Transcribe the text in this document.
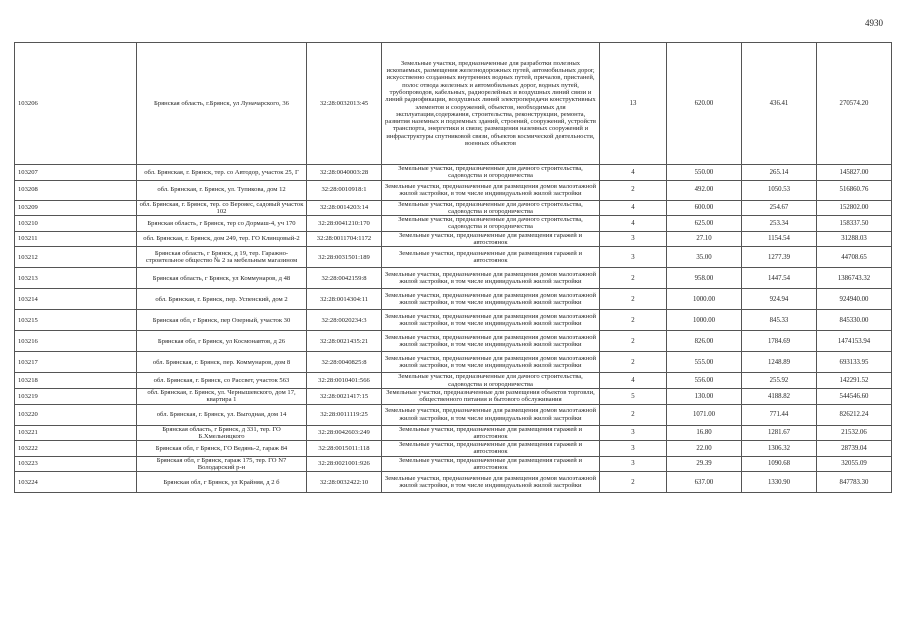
4930
103206	Брянская область, г.Брянск, ул Луначарского, 36	32:28:0032013:45	Земельные участки, предназначенные для разработки полезных ископаемых, размещения железнодорожных путей, автомобильных дорог, искусственно созданных внутренних водных путей, причалов, пристаней, полос отвода железных и автомобильных дорог, водных путей, трубопроводов, кабельных, радиорелейных и воздушных линий связи и линий радиофикации, воздушных линий электропередачи конструктивных элементов и сооружений, объектов, необходимых для эксплуатации,содержания, строительства, реконструкции, ремонта, развития наземных и подземных зданий, строений, сооружений, устройств транспорта, энергетики и связи; размещения наземных сооружений и инфраструктуры спутниковой связи, объектов космической деятельности, военных объектов	13	620.00	436.41	270574.20
103207	обл. Брянская, г. Брянск, тер. со Автодор, участок 25, Г	32:28:0040003:28	Земельные участки, предназначенные для дачного строительства, садоводства и огородничества	4	550.00	265.14	145827.00
103208	обл. Брянская, г. Брянск, ул. Тупикова, дом 12	32:28:0010918:1	Земельные участки, предназначенные для размещения домов малоэтажной жилой застройки, в том числе индивидуальной жилой застройки	2	492.00	1050.53	516860.76
103209	обл. Брянская, г. Брянск, тер. со Верояес, садовый участок 102	32:28:0014203:14	Земельные участки, предназначенные для дачного строительства, садоводства и огородничества	4	600.00	254.67	152802.00
103210	Брянская область, г Брянск, тер со Дормаш-4, уч 170	32:28:0041210:170	Земельные участки, предназначенные для дачного строительства, садоводства и огородничества	4	625.00	253.34	158337.50
103211	обл. Брянская, г. Брянск, дом 249, тер. ГО Клинцовый-2	32:28:0011704:1172	Земельные участки, предназначенные для размещения гаражей и автостоянок	3	27.10	1154.54	31288.03
103212	Брянская область, г Брянск, д 19, тер. Гаражно-строительное общество № 2 за мебельным магазином	32:28:0031501:189	Земельные участки, предназначенные для размещения гаражей и автостоянок	3	35.00	1277.39	44708.65
103213	Брянская область, г Брянск, ул Коммунаров, д 48	32:28:0042159:8	Земельные участки, предназначенные для размещения домов малоэтажной жилой застройки, в том числе индивидуальной жилой застройки	2	958.00	1447.54	1386743.32
103214	обл. Брянская, г. Брянск, пер. Успенский, дом 2	32:28:0014304:11	Земельные участки, предназначенные для размещения домов малоэтажной жилой застройки, в том числе индивидуальной жилой застройки	2	1000.00	924.94	924940.00
103215	Брянская обл, г Брянск, пер Озерный, участок 30	32:28:0020234:3	Земельные участки, предназначенные для размещения домов малоэтажной жилой застройки, в том числе индивидуальной жилой застройки	2	1000.00	845.33	845330.00
103216	Брянская обл, г Брянск, ул Космонавтов, д 26	32:28:0021435:21	Земельные участки, предназначенные для размещения домов малоэтажной жилой застройки, в том числе индивидуальной жилой застройки	2	826.00	1784.69	1474153.94
103217	обл. Брянская, г. Брянск, пер. Коммунаров, дом 8	32:28:0040825:8	Земельные участки, предназначенные для размещения домов малоэтажной жилой застройки, в том числе индивидуальной жилой застройки	2	555.00	1248.89	693133.95
103218	обл. Брянская, г. Брянск, со Рассвет, участок 563	32:28:0010401:566	Земельные участки, предназначенные для дачного строительства, садоводства и огородничества	4	556.00	255.92	142291.52
103219	обл. Брянская, г. Брянск, ул. Чернышевского, дом 17, квартира 1	32:28:0021417:15	Земельные участки, предназначенные для размещения объектов торговли, общественного питания и бытового обслуживания	5	130.00	4188.82	544546.60
103220	обл. Брянская, г. Брянск, ул. Выгодная, дом 14	32:28:0011119:25	Земельные участки, предназначенные для размещения домов малоэтажной жилой застройки, в том числе индивидуальной жилой застройки	2	1071.00	771.44	826212.24
103221	Брянская область, г Брянск, д 331, тер. ГО Б.Хмельницкого	32:28:0042603:249	Земельные участки, предназначенные для размещения гаражей и автостоянок	3	16.80	1281.67	21532.06
103222	Брянская обл, г Брянск, ГО Ведянь-2, гараж 84	32:28:0015011:118	Земельные участки, предназначенные для размещения гаражей и автостоянок	3	22.00	1306.32	28739.04
103223	Брянская обл, г Брянск, гараж 175, тер. ГО N7 Володарский р-н	32:28:0021001:926	Земельные участки, предназначенные для размещения гаражей и автостоянок	3	29.39	1090.68	32055.09
103224	Брянская обл, г Брянск, ул Крайняя, д 2 б	32:28:0032422:10	Земельные участки, предназначенные для размещения домов малоэтажной жилой застройки, в том числе индивидуальной жилой застройки	2	637.00	1330.90	847783.30
